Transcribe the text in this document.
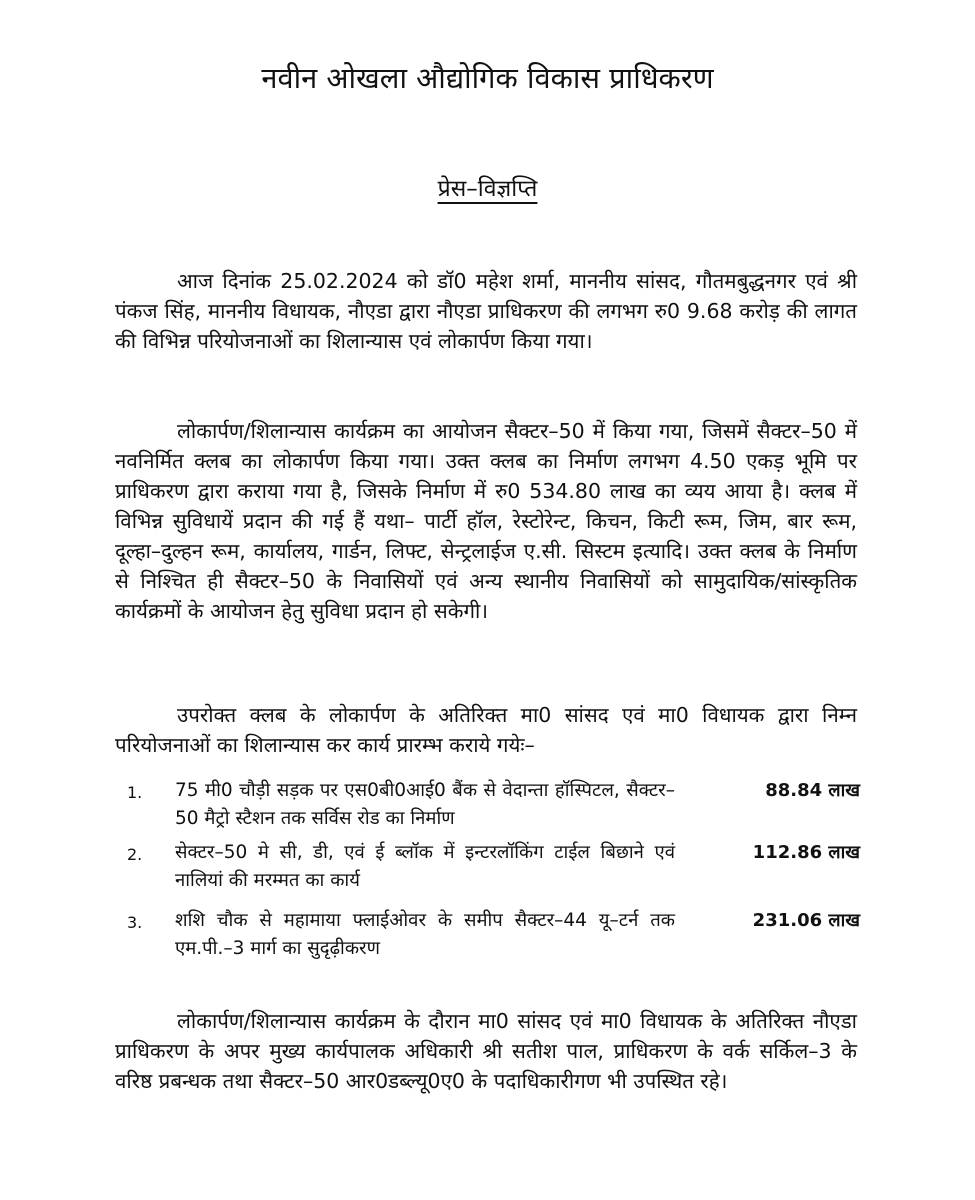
नवीन ओखला औद्योगिक विकास प्राधिकरण
प्रेस–विज्ञप्ति

आज दिनांक 25.02.2024 को डॉ0 महेश शर्मा, माननीय सांसद, गौतमबुद्धनगर एवं श्री पंकज सिंह, माननीय विधायक, नौएडा द्वारा नौएडा प्राधिकरण की लगभग रु0 9.68 करोड़ की लागत की विभिन्न परियोजनाओं का शिलान्यास एवं लोकार्पण किया गया।

लोकार्पण/शिलान्यास कार्यक्रम का आयोजन सैक्टर–50 में किया गया, जिसमें सैक्टर–50 में नवनिर्मित क्लब का लोकार्पण किया गया। उक्त क्लब का निर्माण लगभग 4.50 एकड़ भूमि पर प्राधिकरण द्वारा कराया गया है, जिसके निर्माण में रु0 534.80 लाख का व्यय आया है। क्लब में विभिन्न सुविधायें प्रदान की गई हैं यथा– पार्टी हॉल, रेस्टोरेन्ट, किचन, किटी रूम, जिम, बार रूम, दूल्हा–दुल्हन रूम, कार्यालय, गार्डन, लिफ्ट, सेन्ट्रलाईज ए.सी. सिस्टम इत्यादि। उक्त क्लब के निर्माण से निश्चित ही सैक्टर–50 के निवासियों एवं अन्य स्थानीय निवासियों को सामुदायिक/सांस्कृतिक कार्यक्रमों के आयोजन हेतु सुविधा प्रदान हो सकेगी।

उपरोक्त क्लब के लोकार्पण के अतिरिक्त मा0 सांसद एवं मा0 विधायक द्वारा निम्न परियोजनाओं का शिलान्यास कर कार्य प्रारम्भ कराये गयेः–

1. 75 मी0 चौड़ी सड़क पर एस0बी0आई0 बैंक से वेदान्ता हॉस्पिटल, सैक्टर–50 मैट्रो स्टैशन तक सर्विस रोड का निर्माण
88.84 लाख
2. सेक्टर–50 मे सी, डी, एवं ई ब्लॉक में इन्टरलॉकिंग टाईल बिछाने एवं नालियां की मरम्मत का कार्य
112.86 लाख
3. शशि चौक से महामाया फ्लाईओवर के समीप सैक्टर–44 यू–टर्न तक एम.पी.–3 मार्ग का सुदृढ़ीकरण
231.06 लाख

लोकार्पण/शिलान्यास कार्यक्रम के दौरान मा0 सांसद एवं मा0 विधायक के अतिरिक्त नौएडा प्राधिकरण के अपर मुख्य कार्यपालक अधिकारी श्री सतीश पाल, प्राधिकरण के वर्क सर्किल–3 के वरिष्ठ प्रबन्धक तथा सैक्टर–50 आर0डब्ल्यू0ए0 के पदाधिकारीगण भी उपस्थित रहे।
